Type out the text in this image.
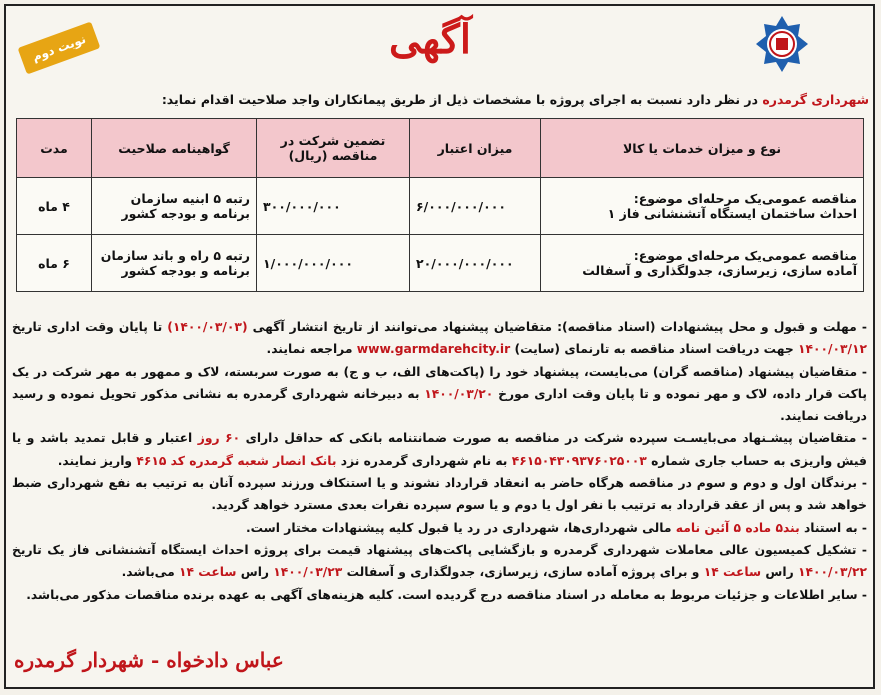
آگهی
نوبت دوم
شهرداری گرمدره در نظر دارد نسبت به اجرای پروژه با مشخصات ذیل از طریق پیمانکاران واجد صلاحیت اقدام نماید:
نوع و میزان خدمات یا کالا	میزان اعتبار	تضمین شرکت در مناقصه (ریال)	گواهینامه صلاحیت	مدت

مناقصه عمومی‌یک مرحله‌ای موضوع:
احداث ساختمان ایستگاه آتشنشانی فاز ۱	۶/۰۰۰/۰۰۰/۰۰۰	۳۰۰/۰۰۰/۰۰۰	رتبه ۵ ابنیه سازمان برنامه و بودجه کشور	۴ ماه

مناقصه عمومی‌یک مرحله‌ای موضوع:
آماده سازی، زیرسازی، جدولگذاری و آسفالت	۲۰/۰۰۰/۰۰۰/۰۰۰	۱/۰۰۰/۰۰۰/۰۰۰	رتبه ۵ راه و باند سازمان برنامه و بودجه کشور	۶ ماه

- مهلت و قبول و محل پیشنهادات (اسناد مناقصه): متقاضیان پیشنهاد می‌توانند از تاریخ انتشار آگهی (۱۴۰۰/۰۳/۰۳) تا پایان وقت اداری تاریخ ۱۴۰۰/۰۳/۱۲ جهت دریافت اسناد مناقصه به تارنمای (سایت) www.garmdarehcity.ir مراجعه نمایند.

- متقاضیان پیشنهاد (مناقصه گران) می‌بایست، پیشنهاد خود را (پاکت‌های الف، ب و ج) به صورت سربسته، لاک و ممهور به مهر شرکت در یک پاکت قرار داده، لاک و مهر نموده و تا پایان وقت اداری مورخ ۱۴۰۰/۰۳/۲۰ به دبیرخانه شهرداری گرمدره به نشانی مذکور تحویل نموده و رسید دریافت نمایند.

- متقاضیان پیشـنهاد می‌بایسـت سپرده شرکت در مناقصه به صورت ضمانتنامه بانکی که حداقل دارای ۶۰ روز اعتبار و قابل تمدید باشد و یا فیش واریزی به حساب جاری شماره ۴۶۱۵۰۴۳۰۹۳۷۶۰۲۵۰۰۳ به نام شهرداری گرمدره نزد بانک انصار شعبه گرمدره کد ۴۶۱۵ واریز نمایند.

- برندگان اول و دوم و سوم در مناقصه هرگاه حاضر به انعقاد قرارداد نشوند و یا استنکاف ورزند سپرده آنان به ترتیب به نفع شهرداری ضبط خواهد شد و پس از عقد قرارداد به ترتیب با نفر اول یا دوم و یا سوم سپرده نفرات بعدی مسترد خواهد گردید.

- به استناد بند۵ ماده ۵ آئین نامه مالی شهرداری‌ها، شهرداری در رد یا قبول کلیه پیشنهادات مختار است.

- تشکیل کمیسیون عالی معاملات شهرداری گرمدره و بازگشایی پاکت‌های پیشنهاد قیمت برای پروژه احداث ایستگاه آتشنشانی فاز یک تاریخ ۱۴۰۰/۰۳/۲۲ راس ساعت ۱۴ و برای پروژه آماده سازی، زیرسازی، جدولگذاری و آسفالت ۱۴۰۰/۰۳/۲۳ راس ساعت ۱۴ می‌باشد.

- سایر اطلاعات و جزئیات مربوط به معامله در اسناد مناقصه درج گردیده است. کلیه هزینه‌های آگهی به عهده برنده مناقصات مذکور می‌باشد.

عباس دادخواه - شهردار گرمدره
